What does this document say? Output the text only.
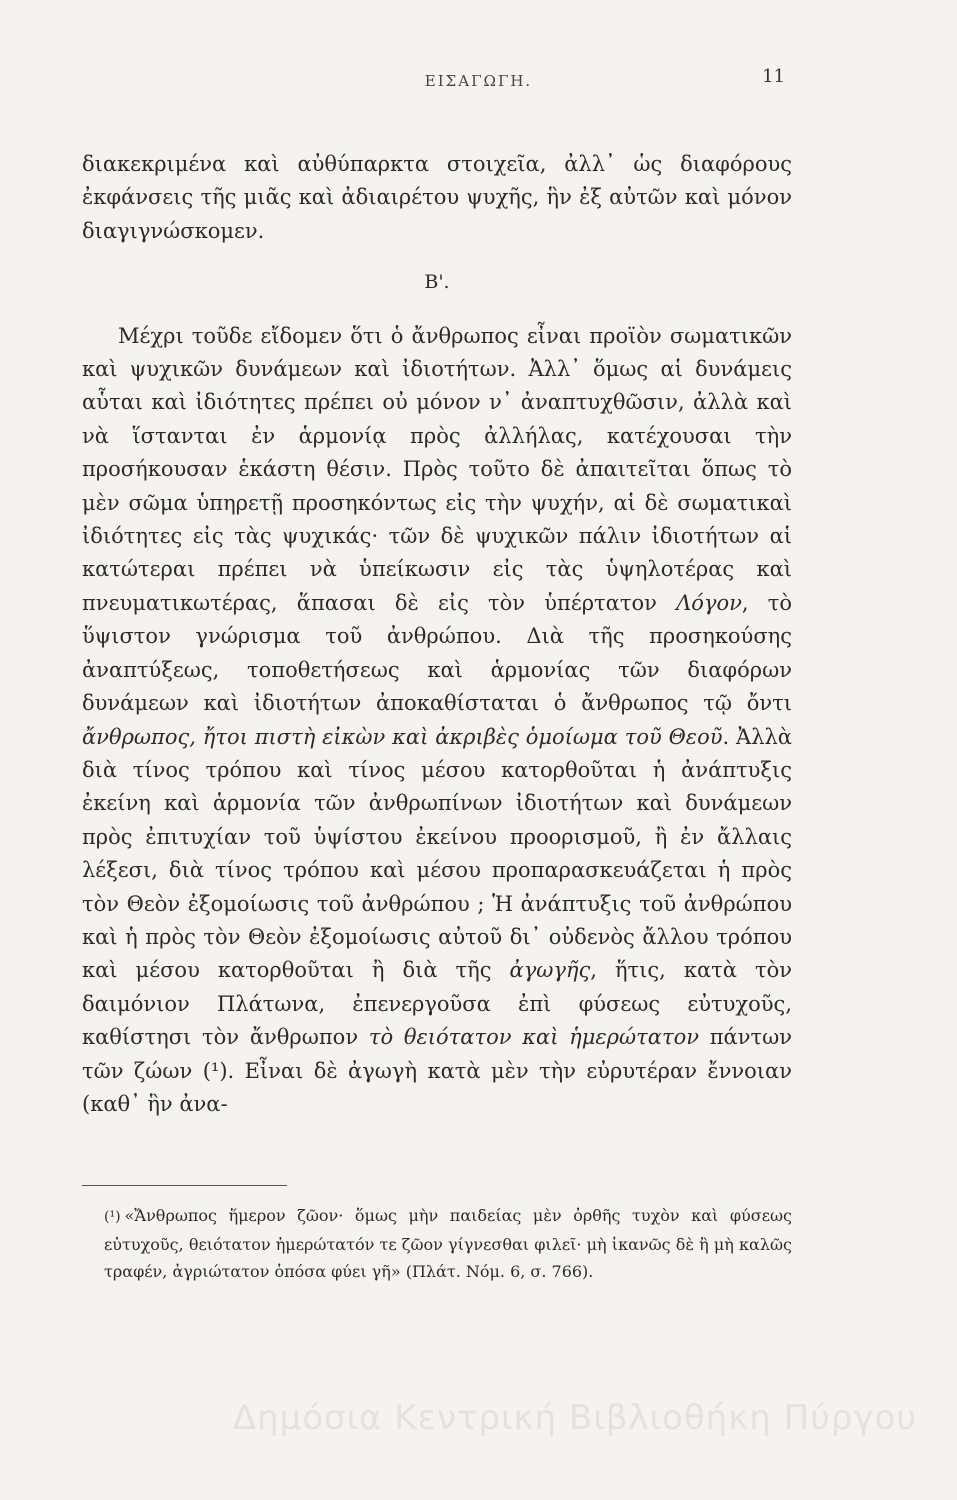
ΕΙΣΑΓΩΓΗ.	11

διακεκριμένα καὶ αὐθύπαρκτα στοιχεῖα, ἀλλ᾽ ὡς διαφόρους ἐκφάνσεις τῆς μιᾶς καὶ ἀδιαιρέτου ψυχῆς, ἣν ἐξ αὐτῶν καὶ μόνον διαγιγνώσκομεν.

Β'.

Μέχρι τοῦδε εἴδομεν ὅτι ὁ ἄνθρωπος εἶναι προϊὸν σωματικῶν καὶ ψυχικῶν δυνάμεων καὶ ἰδιοτήτων. Ἀλλ᾽ ὅμως αἱ δυνάμεις αὗται καὶ ἰδιότητες πρέπει οὐ μόνον ν᾽ ἀναπτυχθῶσιν, ἀλλὰ καὶ νὰ ἵστανται ἐν ἁρμονίᾳ πρὸς ἀλλήλας, κατέχουσαι τὴν προσήκουσαν ἑκάστη θέσιν. Πρὸς τοῦτο δὲ ἀπαιτεῖται ὅπως τὸ μὲν σῶμα ὑπηρετῇ προσηκόντως εἰς τὴν ψυχήν, αἱ δὲ σωματικαὶ ἰδιότητες εἰς τὰς ψυχικάς· τῶν δὲ ψυχικῶν πάλιν ἰδιοτήτων αἱ κατώτεραι πρέπει νὰ ὑπείκωσιν εἰς τὰς ὑψηλοτέρας καὶ πνευματικωτέρας, ἅπασαι δὲ εἰς τὸν ὑπέρτατον Λόγον, τὸ ὕψιστον γνώρισμα τοῦ ἀνθρώπου. Διὰ τῆς προσηκούσης ἀναπτύξεως, τοποθετήσεως καὶ ἁρμονίας τῶν διαφόρων δυνάμεων καὶ ἰδιοτήτων ἀποκαθίσταται ὁ ἄνθρωπος τῷ ὄντι ἄνθρωπος, ἤτοι πιστὴ εἰκὼν καὶ ἀκριβὲς ὁμοίωμα τοῦ Θεοῦ. Ἀλλὰ διὰ τίνος τρόπου καὶ τίνος μέσου κατορθοῦται ἡ ἀνάπτυξις ἐκείνη καὶ ἁρμονία τῶν ἀνθρωπίνων ἰδιοτήτων καὶ δυνάμεων πρὸς ἐπιτυχίαν τοῦ ὑψίστου ἐκείνου προορισμοῦ, ἢ ἐν ἄλλαις λέξεσι, διὰ τίνος τρόπου καὶ μέσου προπαρασκευάζεται ἡ πρὸς τὸν Θεὸν ἐξομοίωσις τοῦ ἀνθρώπου ; Ἡ ἀνάπτυξις τοῦ ἀνθρώπου καὶ ἡ πρὸς τὸν Θεὸν ἐξομοίωσις αὐτοῦ δι᾽ οὐδενὸς ἄλλου τρόπου καὶ μέσου κατορθοῦται ἢ διὰ τῆς ἀγωγῆς, ἥτις, κατὰ τὸν δαιμόνιον Πλάτωνα, ἐπενεργοῦσα ἐπὶ φύσεως εὐτυχοῦς, καθίστησι τὸν ἄνθρωπον τὸ θειότατον καὶ ἡμερώτατον πάντων τῶν ζώων (¹). Εἶναι δὲ ἀγωγὴ κατὰ μὲν τὴν εὐρυτέραν ἔννοιαν (καθ᾽ ἣν ἀνα-

(¹) «Ἄνθρωπος ἥμερον ζῶον· ὅμως μὴν παιδείας μὲν ὀρθῆς τυχὸν καὶ φύσεως εὐτυχοῦς, θειότατον ἡμερώτατόν τε ζῶον γίγνεσθαι φιλεῖ· μὴ ἱκανῶς δὲ ἢ μὴ καλῶς τραφέν, ἀγριώτατον ὁπόσα φύει γῆ» (Πλάτ. Νόμ. 6, σ. 766).
Δημόσια Κεντρική Βιβλιοθήκη Πύργου
